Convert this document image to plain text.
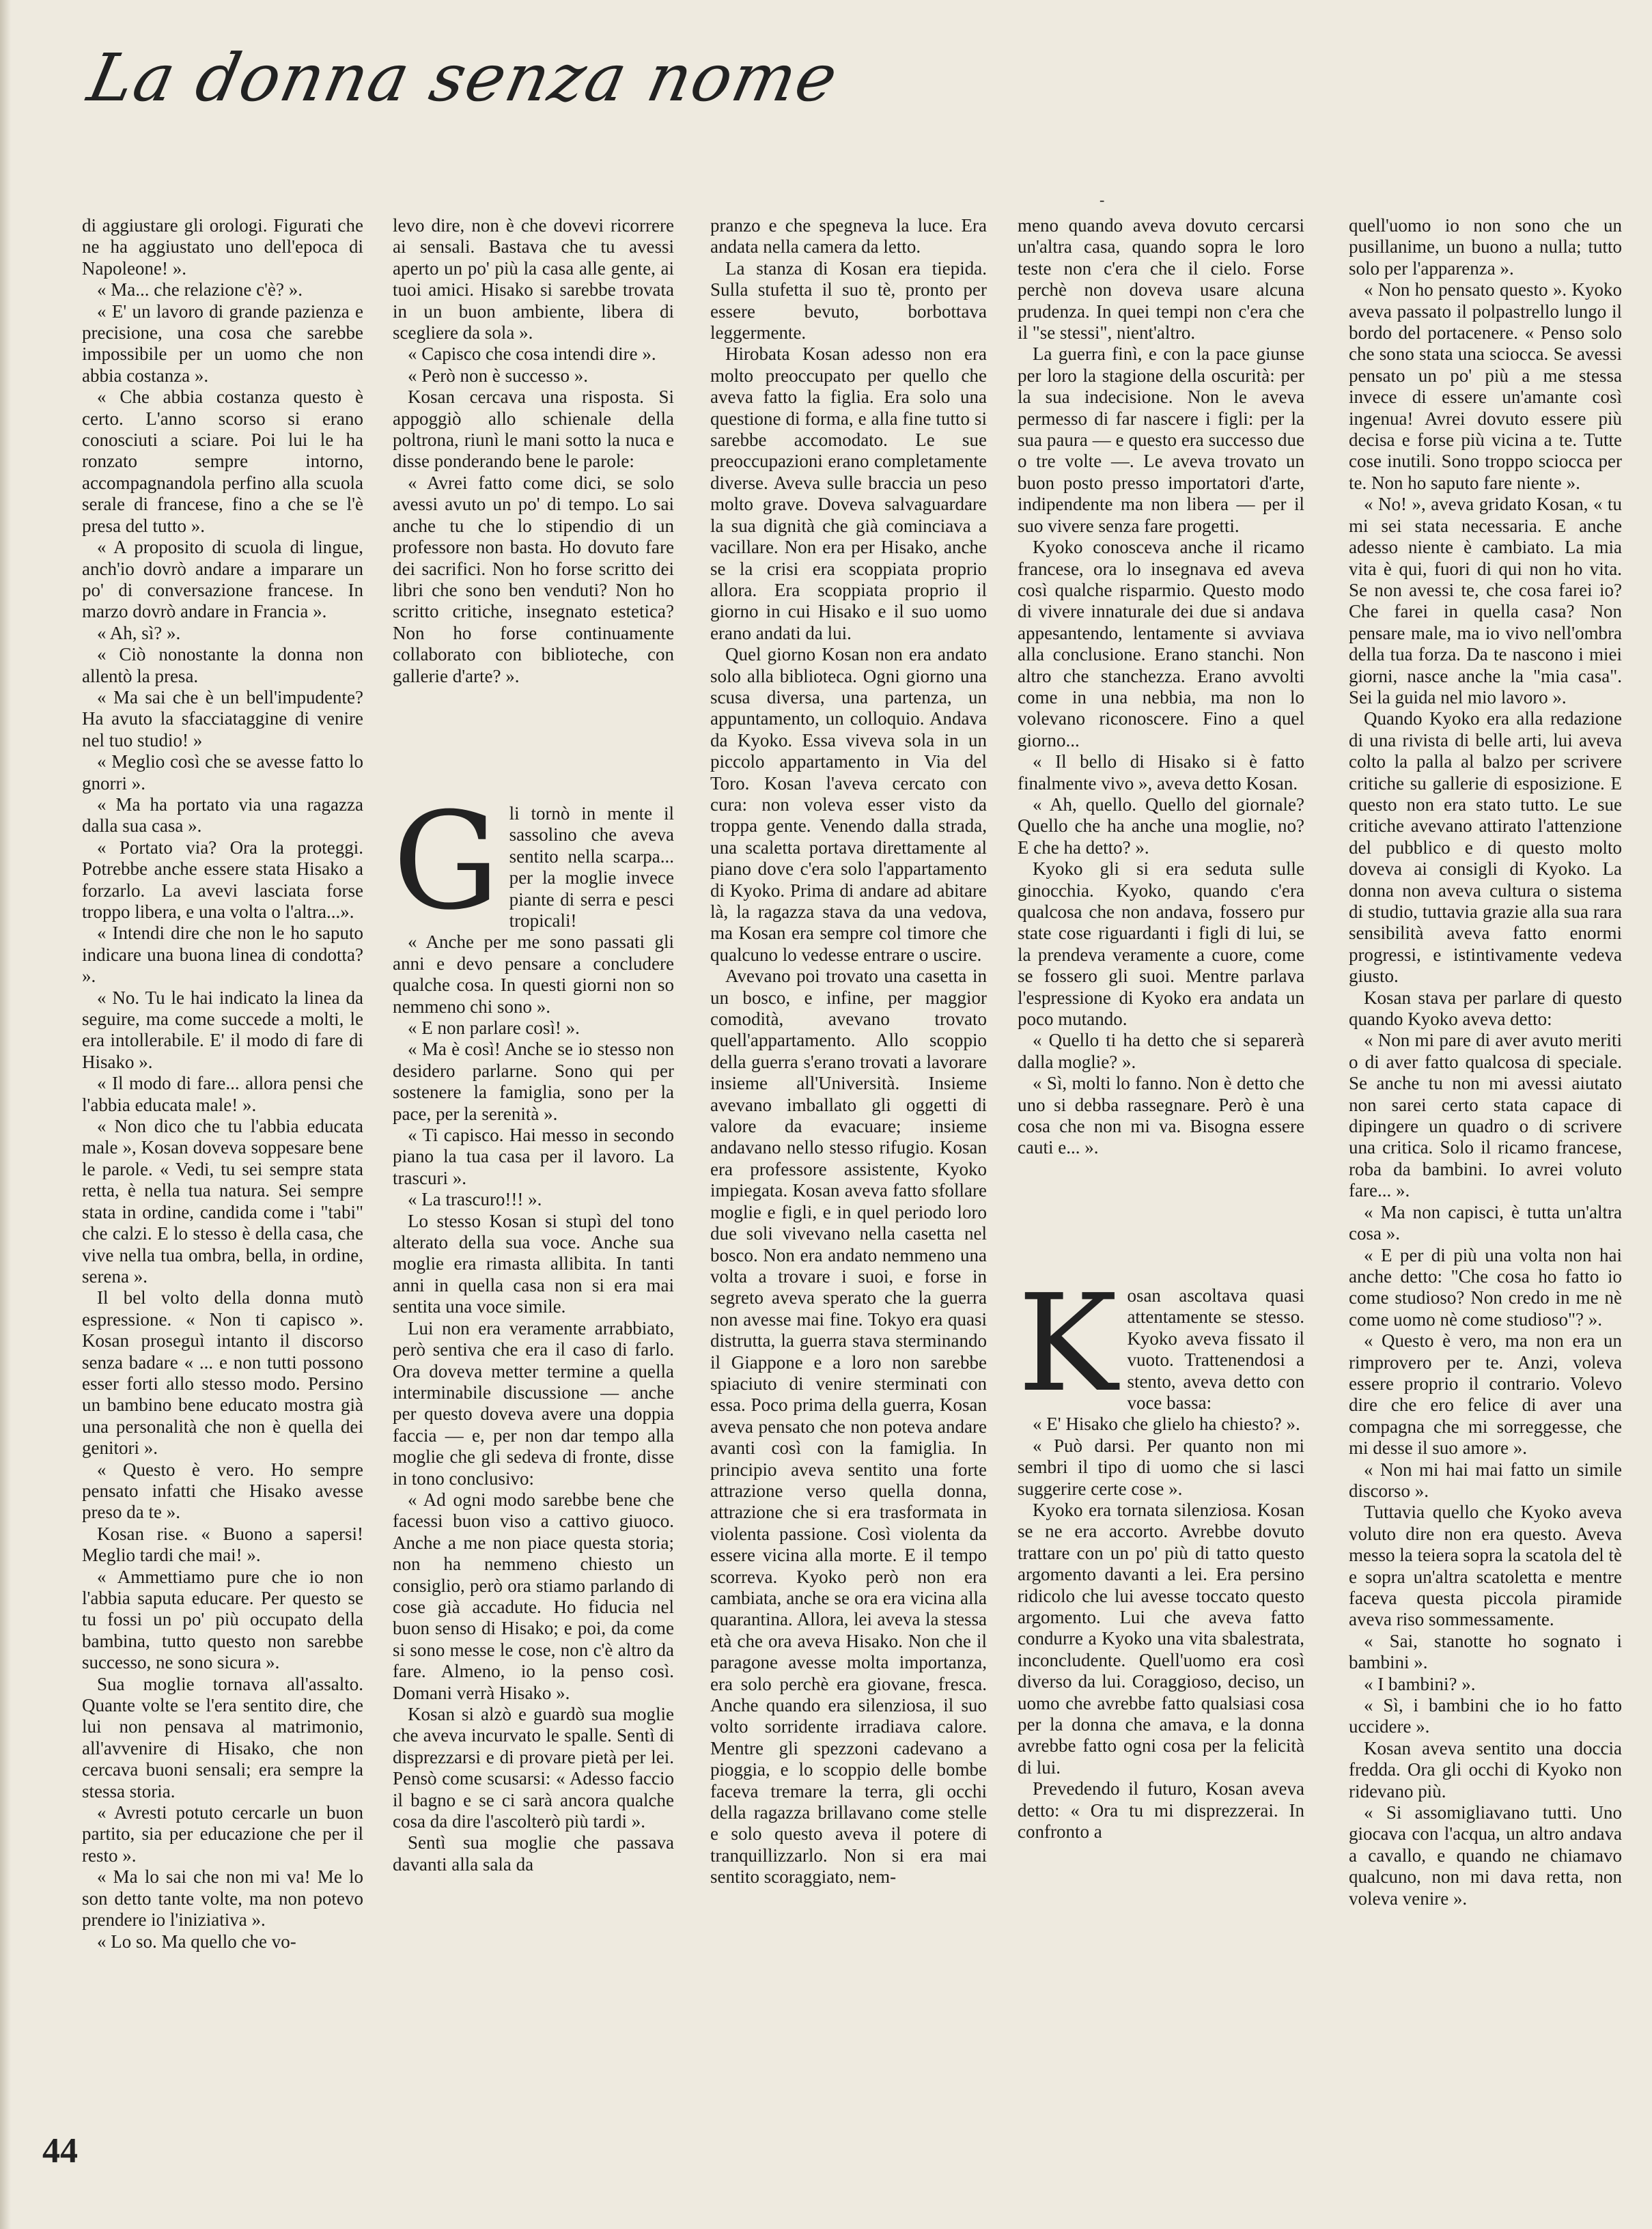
La donna senza nome
-

di aggiustare gli orologi. Figurati che ne ha aggiustato uno dell'epoca di Napoleone! ».

« Ma... che relazione c'è? ».

« E' un lavoro di grande pazienza e precisione, una cosa che sarebbe impossibile per un uomo che non abbia costanza ».

« Che abbia costanza questo è certo. L'anno scorso si erano conosciuti a sciare. Poi lui le ha ronzato sempre intorno, accompagnandola perfino alla scuola serale di francese, fino a che se l'è presa del tutto ».

« A proposito di scuola di lingue, anch'io dovrò andare a imparare un po' di conversazione francese. In marzo dovrò andare in Francia ».

« Ah, sì? ».

« Ciò nonostante la donna non allentò la presa.

« Ma sai che è un bell'impudente? Ha avuto la sfacciataggine di venire nel tuo studio! »

« Meglio così che se avesse fatto lo gnorri ».

« Ma ha portato via una ragazza dalla sua casa ».

« Portato via? Ora la proteggi. Potrebbe anche essere stata Hisako a forzarlo. La avevi lasciata forse troppo libera, e una volta o l'altra...».

« Intendi dire che non le ho saputo indicare una buona linea di condotta? ».

« No. Tu le hai indicato la linea da seguire, ma come succede a molti, le era intollerabile. E' il modo di fare di Hisako ».

« Il modo di fare... allora pensi che l'abbia educata male! ».

« Non dico che tu l'abbia educata male », Kosan doveva soppesare bene le parole. « Vedi, tu sei sempre stata retta, è nella tua natura. Sei sempre stata in ordine, candida come i "tabi" che calzi. E lo stesso è della casa, che vive nella tua ombra, bella, in ordine, serena ».

Il bel volto della donna mutò espressione. « Non ti capisco ». Kosan proseguì intanto il discorso senza badare « ... e non tutti possono esser forti allo stesso modo. Persino un bambino bene educato mostra già una personalità che non è quella dei genitori ».

« Questo è vero. Ho sempre pensato infatti che Hisako avesse preso da te ».

Kosan rise. « Buono a sapersi! Meglio tardi che mai! ».

« Ammettiamo pure che io non l'abbia saputa educare. Per questo se tu fossi un po' più occupato della bambina, tutto questo non sarebbe successo, ne sono sicura ».

Sua moglie tornava all'assalto. Quante volte se l'era sentito dire, che lui non pensava al matrimonio, all'avvenire di Hisako, che non cercava buoni sensali; era sempre la stessa storia.

« Avresti potuto cercarle un buon partito, sia per educazione che per il resto ».

« Ma lo sai che non mi va! Me lo son detto tante volte, ma non potevo prendere io l'iniziativa ».

« Lo so. Ma quello che vo-

levo dire, non è che dovevi ricorrere ai sensali. Bastava che tu avessi aperto un po' più la casa alle gente, ai tuoi amici. Hisako si sarebbe trovata in un buon ambiente, libera di scegliere da sola ».

« Capisco che cosa intendi dire ».

« Però non è successo ».

Kosan cercava una risposta. Si appoggiò allo schienale della poltrona, riunì le mani sotto la nuca e disse ponderando bene le parole:

« Avrei fatto come dici, se solo avessi avuto un po' di tempo. Lo sai anche tu che lo stipendio di un professore non basta. Ho dovuto fare dei sacrifici. Non ho forse scritto dei libri che sono ben venduti? Non ho scritto critiche, insegnato estetica? Non ho forse continuamente collaborato con biblioteche, con gallerie d'arte? ».

Gli tornò in mente il sassolino che aveva sentito nella scarpa... per la moglie invece piante di serra e pesci tropicali!

« Anche per me sono passati gli anni e devo pensare a concludere qualche cosa. In questi giorni non so nemmeno chi sono ».

« E non parlare così! ».

« Ma è così! Anche se io stesso non desidero parlarne. Sono qui per sostenere la famiglia, sono per la pace, per la serenità ».

« Ti capisco. Hai messo in secondo piano la tua casa per il lavoro. La trascuri ».

« La trascuro!!! ».

Lo stesso Kosan si stupì del tono alterato della sua voce. Anche sua moglie era rimasta allibita. In tanti anni in quella casa non si era mai sentita una voce simile.

Lui non era veramente arrabbiato, però sentiva che era il caso di farlo. Ora doveva metter termine a quella interminabile discussione — anche per questo doveva avere una doppia faccia — e, per non dar tempo alla moglie che gli sedeva di fronte, disse in tono conclusivo:

« Ad ogni modo sarebbe bene che facessi buon viso a cattivo giuoco. Anche a me non piace questa storia; non ha nemmeno chiesto un consiglio, però ora stiamo parlando di cose già accadute. Ho fiducia nel buon senso di Hisako; e poi, da come si sono messe le cose, non c'è altro da fare. Almeno, io la penso così. Domani verrà Hisako ».

Kosan si alzò e guardò sua moglie che aveva incurvato le spalle. Sentì di disprezzarsi e di provare pietà per lei. Pensò come scusarsi: « Adesso faccio il bagno e se ci sarà ancora qualche cosa da dire l'ascolterò più tardi ».

Sentì sua moglie che passava davanti alla sala da

pranzo e che spegneva la luce. Era andata nella camera da letto.

La stanza di Kosan era tiepida. Sulla stufetta il suo tè, pronto per essere bevuto, borbottava leggermente.

Hirobata Kosan adesso non era molto preoccupato per quello che aveva fatto la figlia. Era solo una questione di forma, e alla fine tutto si sarebbe accomodato. Le sue preoccupazioni erano completamente diverse. Aveva sulle braccia un peso molto grave. Doveva salvaguardare la sua dignità che già cominciava a vacillare. Non era per Hisako, anche se la crisi era scoppiata proprio allora. Era scoppiata proprio il giorno in cui Hisako e il suo uomo erano andati da lui.

Quel giorno Kosan non era andato solo alla biblioteca. Ogni giorno una scusa diversa, una partenza, un appuntamento, un colloquio. Andava da Kyoko. Essa viveva sola in un piccolo appartamento in Via del Toro. Kosan l'aveva cercato con cura: non voleva esser visto da troppa gente. Venendo dalla strada, una scaletta portava direttamente al piano dove c'era solo l'appartamento di Kyoko. Prima di andare ad abitare là, la ragazza stava da una vedova, ma Kosan era sempre col timore che qualcuno lo vedesse entrare o uscire.

Avevano poi trovato una casetta in un bosco, e infine, per maggior comodità, avevano trovato quell'appartamento. Allo scoppio della guerra s'erano trovati a lavorare insieme all'Università. Insieme avevano imballato gli oggetti di valore da evacuare; insieme andavano nello stesso rifugio. Kosan era professore assistente, Kyoko impiegata. Kosan aveva fatto sfollare moglie e figli, e in quel periodo loro due soli vivevano nella casetta nel bosco. Non era andato nemmeno una volta a trovare i suoi, e forse in segreto aveva sperato che la guerra non avesse mai fine. Tokyo era quasi distrutta, la guerra stava sterminando il Giappone e a loro non sarebbe spiaciuto di venire sterminati con essa. Poco prima della guerra, Kosan aveva pensato che non poteva andare avanti così con la famiglia. In principio aveva sentito una forte attrazione verso quella donna, attrazione che si era trasformata in violenta passione. Così violenta da essere vicina alla morte. E il tempo scorreva. Kyoko però non era cambiata, anche se ora era vicina alla quarantina. Allora, lei aveva la stessa età che ora aveva Hisako. Non che il paragone avesse molta importanza, era solo perchè era giovane, fresca. Anche quando era silenziosa, il suo volto sorridente irradiava calore. Mentre gli spezzoni cadevano a pioggia, e lo scoppio delle bombe faceva tremare la terra, gli occhi della ragazza brillavano come stelle e solo questo aveva il potere di tranquillizzarlo. Non si era mai sentito scoraggiato, nem-

meno quando aveva dovuto cercarsi un'altra casa, quando sopra le loro teste non c'era che il cielo. Forse perchè non doveva usare alcuna prudenza. In quei tempi non c'era che il "se stessi", nient'altro.

La guerra finì, e con la pace giunse per loro la stagione della oscurità: per la sua indecisione. Non le aveva permesso di far nascere i figli: per la sua paura — e questo era successo due o tre volte —. Le aveva trovato un buon posto presso importatori d'arte, indipendente ma non libera — per il suo vivere senza fare progetti.

Kyoko conosceva anche il ricamo francese, ora lo insegnava ed aveva così qualche risparmio. Questo modo di vivere innaturale dei due si andava appesantendo, lentamente si avviava alla conclusione. Erano stanchi. Non altro che stanchezza. Erano avvolti come in una nebbia, ma non lo volevano riconoscere. Fino a quel giorno...

« Il bello di Hisako si è fatto finalmente vivo », aveva detto Kosan.

« Ah, quello. Quello del giornale? Quello che ha anche una moglie, no? E che ha detto? ».

Kyoko gli si era seduta sulle ginocchia. Kyoko, quando c'era qualcosa che non andava, fossero pur state cose riguardanti i figli di lui, se la prendeva veramente a cuore, come se fossero gli suoi. Mentre parlava l'espressione di Kyoko era andata un poco mutando.

« Quello ti ha detto che si separerà dalla moglie? ».

« Sì, molti lo fanno. Non è detto che uno si debba rassegnare. Però è una cosa che non mi va. Bisogna essere cauti e... ».

Kosan ascoltava quasi attentamente se stesso. Kyoko aveva fissato il vuoto. Trattenendosi a stento, aveva detto con voce bassa:

« E' Hisako che glielo ha chiesto? ».

« Può darsi. Per quanto non mi sembri il tipo di uomo che si lasci suggerire certe cose ».

Kyoko era tornata silenziosa. Kosan se ne era accorto. Avrebbe dovuto trattare con un po' più di tatto questo argomento davanti a lei. Era persino ridicolo che lui avesse toccato questo argomento. Lui che aveva fatto condurre a Kyoko una vita sbalestrata, inconcludente. Quell'uomo era così diverso da lui. Coraggioso, deciso, un uomo che avrebbe fatto qualsiasi cosa per la donna che amava, e la donna avrebbe fatto ogni cosa per la felicità di lui.

Prevedendo il futuro, Kosan aveva detto: « Ora tu mi disprezzerai. In confronto a

quell'uomo io non sono che un pusillanime, un buono a nulla; tutto solo per l'apparenza ».

« Non ho pensato questo ». Kyoko aveva passato il polpastrello lungo il bordo del portacenere. « Penso solo che sono stata una sciocca. Se avessi pensato un po' più a me stessa invece di essere un'amante così ingenua! Avrei dovuto essere più decisa e forse più vicina a te. Tutte cose inutili. Sono troppo sciocca per te. Non ho saputo fare niente ».

« No! », aveva gridato Kosan, « tu mi sei stata necessaria. E anche adesso niente è cambiato. La mia vita è qui, fuori di qui non ho vita. Se non avessi te, che cosa farei io? Che farei in quella casa? Non pensare male, ma io vivo nell'ombra della tua forza. Da te nascono i miei giorni, nasce anche la "mia casa". Sei la guida nel mio lavoro ».

Quando Kyoko era alla redazione di una rivista di belle arti, lui aveva colto la palla al balzo per scrivere critiche su gallerie di esposizione. E questo non era stato tutto. Le sue critiche avevano attirato l'attenzione del pubblico e di questo molto doveva ai consigli di Kyoko. La donna non aveva cultura o sistema di studio, tuttavia grazie alla sua rara sensibilità aveva fatto enormi progressi, e istintivamente vedeva giusto.

Kosan stava per parlare di questo quando Kyoko aveva detto:

« Non mi pare di aver avuto meriti o di aver fatto qualcosa di speciale. Se anche tu non mi avessi aiutato non sarei certo stata capace di dipingere un quadro o di scrivere una critica. Solo il ricamo francese, roba da bambini. Io avrei voluto fare... ».

« Ma non capisci, è tutta un'altra cosa ».

« E per di più una volta non hai anche detto: "Che cosa ho fatto io come studioso? Non credo in me nè come uomo nè come studioso"? ».

« Questo è vero, ma non era un rimprovero per te. Anzi, voleva essere proprio il contrario. Volevo dire che ero felice di aver una compagna che mi sorreggesse, che mi desse il suo amore ».

« Non mi hai mai fatto un simile discorso ».

Tuttavia quello che Kyoko aveva voluto dire non era questo. Aveva messo la teiera sopra la scatola del tè e sopra un'altra scatoletta e mentre faceva questa piccola piramide aveva riso sommessamente.

« Sai, stanotte ho sognato i bambini ».

« I bambini? ».

« Sì, i bambini che io ho fatto uccidere ».

Kosan aveva sentito una doccia fredda. Ora gli occhi di Kyoko non ridevano più.

« Si assomigliavano tutti. Uno giocava con l'acqua, un altro andava a cavallo, e quando ne chiamavo qualcuno, non mi dava retta, non voleva venire ».

44
